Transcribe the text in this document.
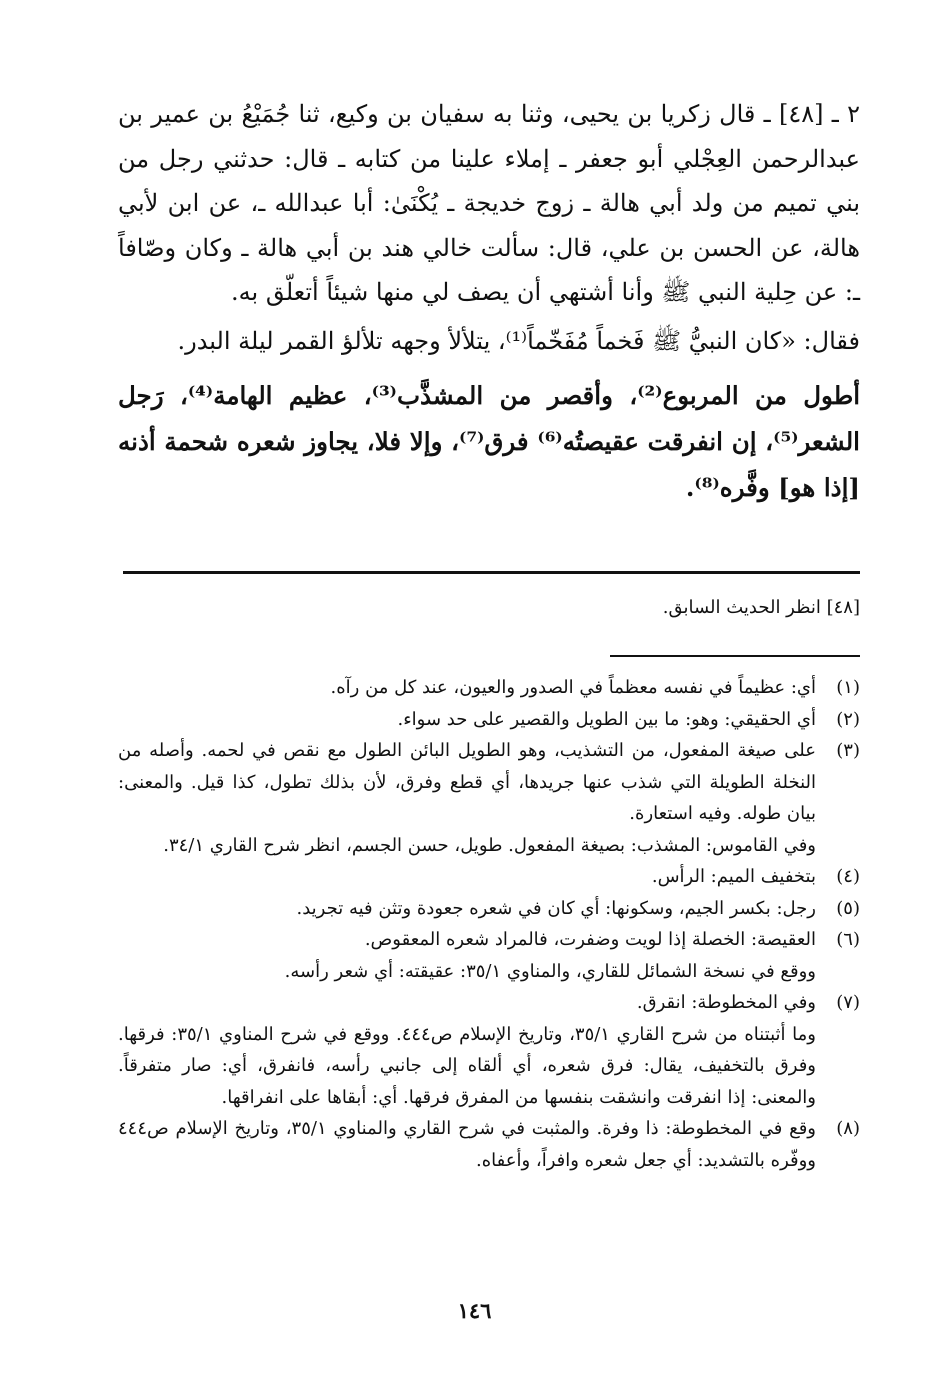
٢ ـ [٤٨] ـ قال زكريا بن يحيى، وثنا به سفيان بن وكيع، ثنا جُمَيْعُ بن عمير بن عبدالرحمن العِجْلي أبو جعفر ـ إملاء علينا من كتابه ـ قال: حدثني رجل من بني تميم من ولد أبي هالة ـ زوج خديجة ـ يُكْنَىٰ: أبا عبدالله ـ، عن ابن لأبي هالة، عن الحسن بن علي، قال: سألت خالي هند بن أبي هالة ـ وكان وصّافاً ـ: عن حِلية النبي ﷺ وأنا أشتهي أن يصف لي منها شيئاً أتعلّق به.

فقال: «كان النبيُّ ﷺ فَخماً مُفَخّماً⁽¹⁾، يتلألأ وجهه تلألؤ القمر ليلة البدر.

أطول من المربوع⁽²⁾، وأقصر من المشذَّب⁽³⁾، عظيم الهامة⁽⁴⁾، رَجل الشعر⁽⁵⁾، إن انفرقت عقيصتُه⁽⁶⁾ فرق⁽⁷⁾، وإلا فلا، يجاوز شعره شحمة أذنه [إذا هو] وفَّره⁽⁸⁾.

[٤٨] انظر الحديث السابق.
(١)
أي: عظيماً في نفسه معظماً في الصدور والعيون، عند كل من رآه.
(٢)
أي الحقيقي: وهو: ما بين الطويل والقصير على حد سواء.
(٣)
على صيغة المفعول، من التشذيب، وهو الطويل البائن الطول مع نقص في لحمه. وأصله من النخلة الطويلة التي شذب عنها جريدها، أي قطع وفرق، لأن بذلك تطول، كذا قيل. والمعنى: بيان طوله. وفيه استعارة.
وفي القاموس: المشذب: بصيغة المفعول. طويل، حسن الجسم، انظر شرح القاري ٣٤/١.
(٤)
بتخفيف الميم: الرأس.
(٥)
رجل: بكسر الجيم، وسكونها: أي كان في شعره جعودة وتثن فيه تجريد.
(٦)
العقيصة: الخصلة إذا لويت وضفرت، فالمراد شعره المعقوص.
ووقع في نسخة الشمائل للقاري، والمناوي ٣٥/١: عقيقته: أي شعر رأسه.
(٧)
وفي المخطوطة: انقرق.
وما أثبتناه من شرح القاري ٣٥/١، وتاريخ الإسلام ص٤٤٤. ووقع في شرح المناوي ٣٥/١: فرقها. وفرق بالتخفيف، يقال: فرق شعره، أي ألقاه إلى جانبي رأسه، فانفرق، أي: صار متفرقاً. والمعنى: إذا انفرقت وانشقت بنفسها من المفرق فرقها. أي: أبقاها على انفراقها.
(٨)
وقع في المخطوطة: ذا وفرة. والمثبت في شرح القاري والمناوي ٣٥/١، وتاريخ الإسلام ص٤٤٤ ووفّره بالتشديد: أي جعل شعره وافراً، وأعفاه.
١٤٦
